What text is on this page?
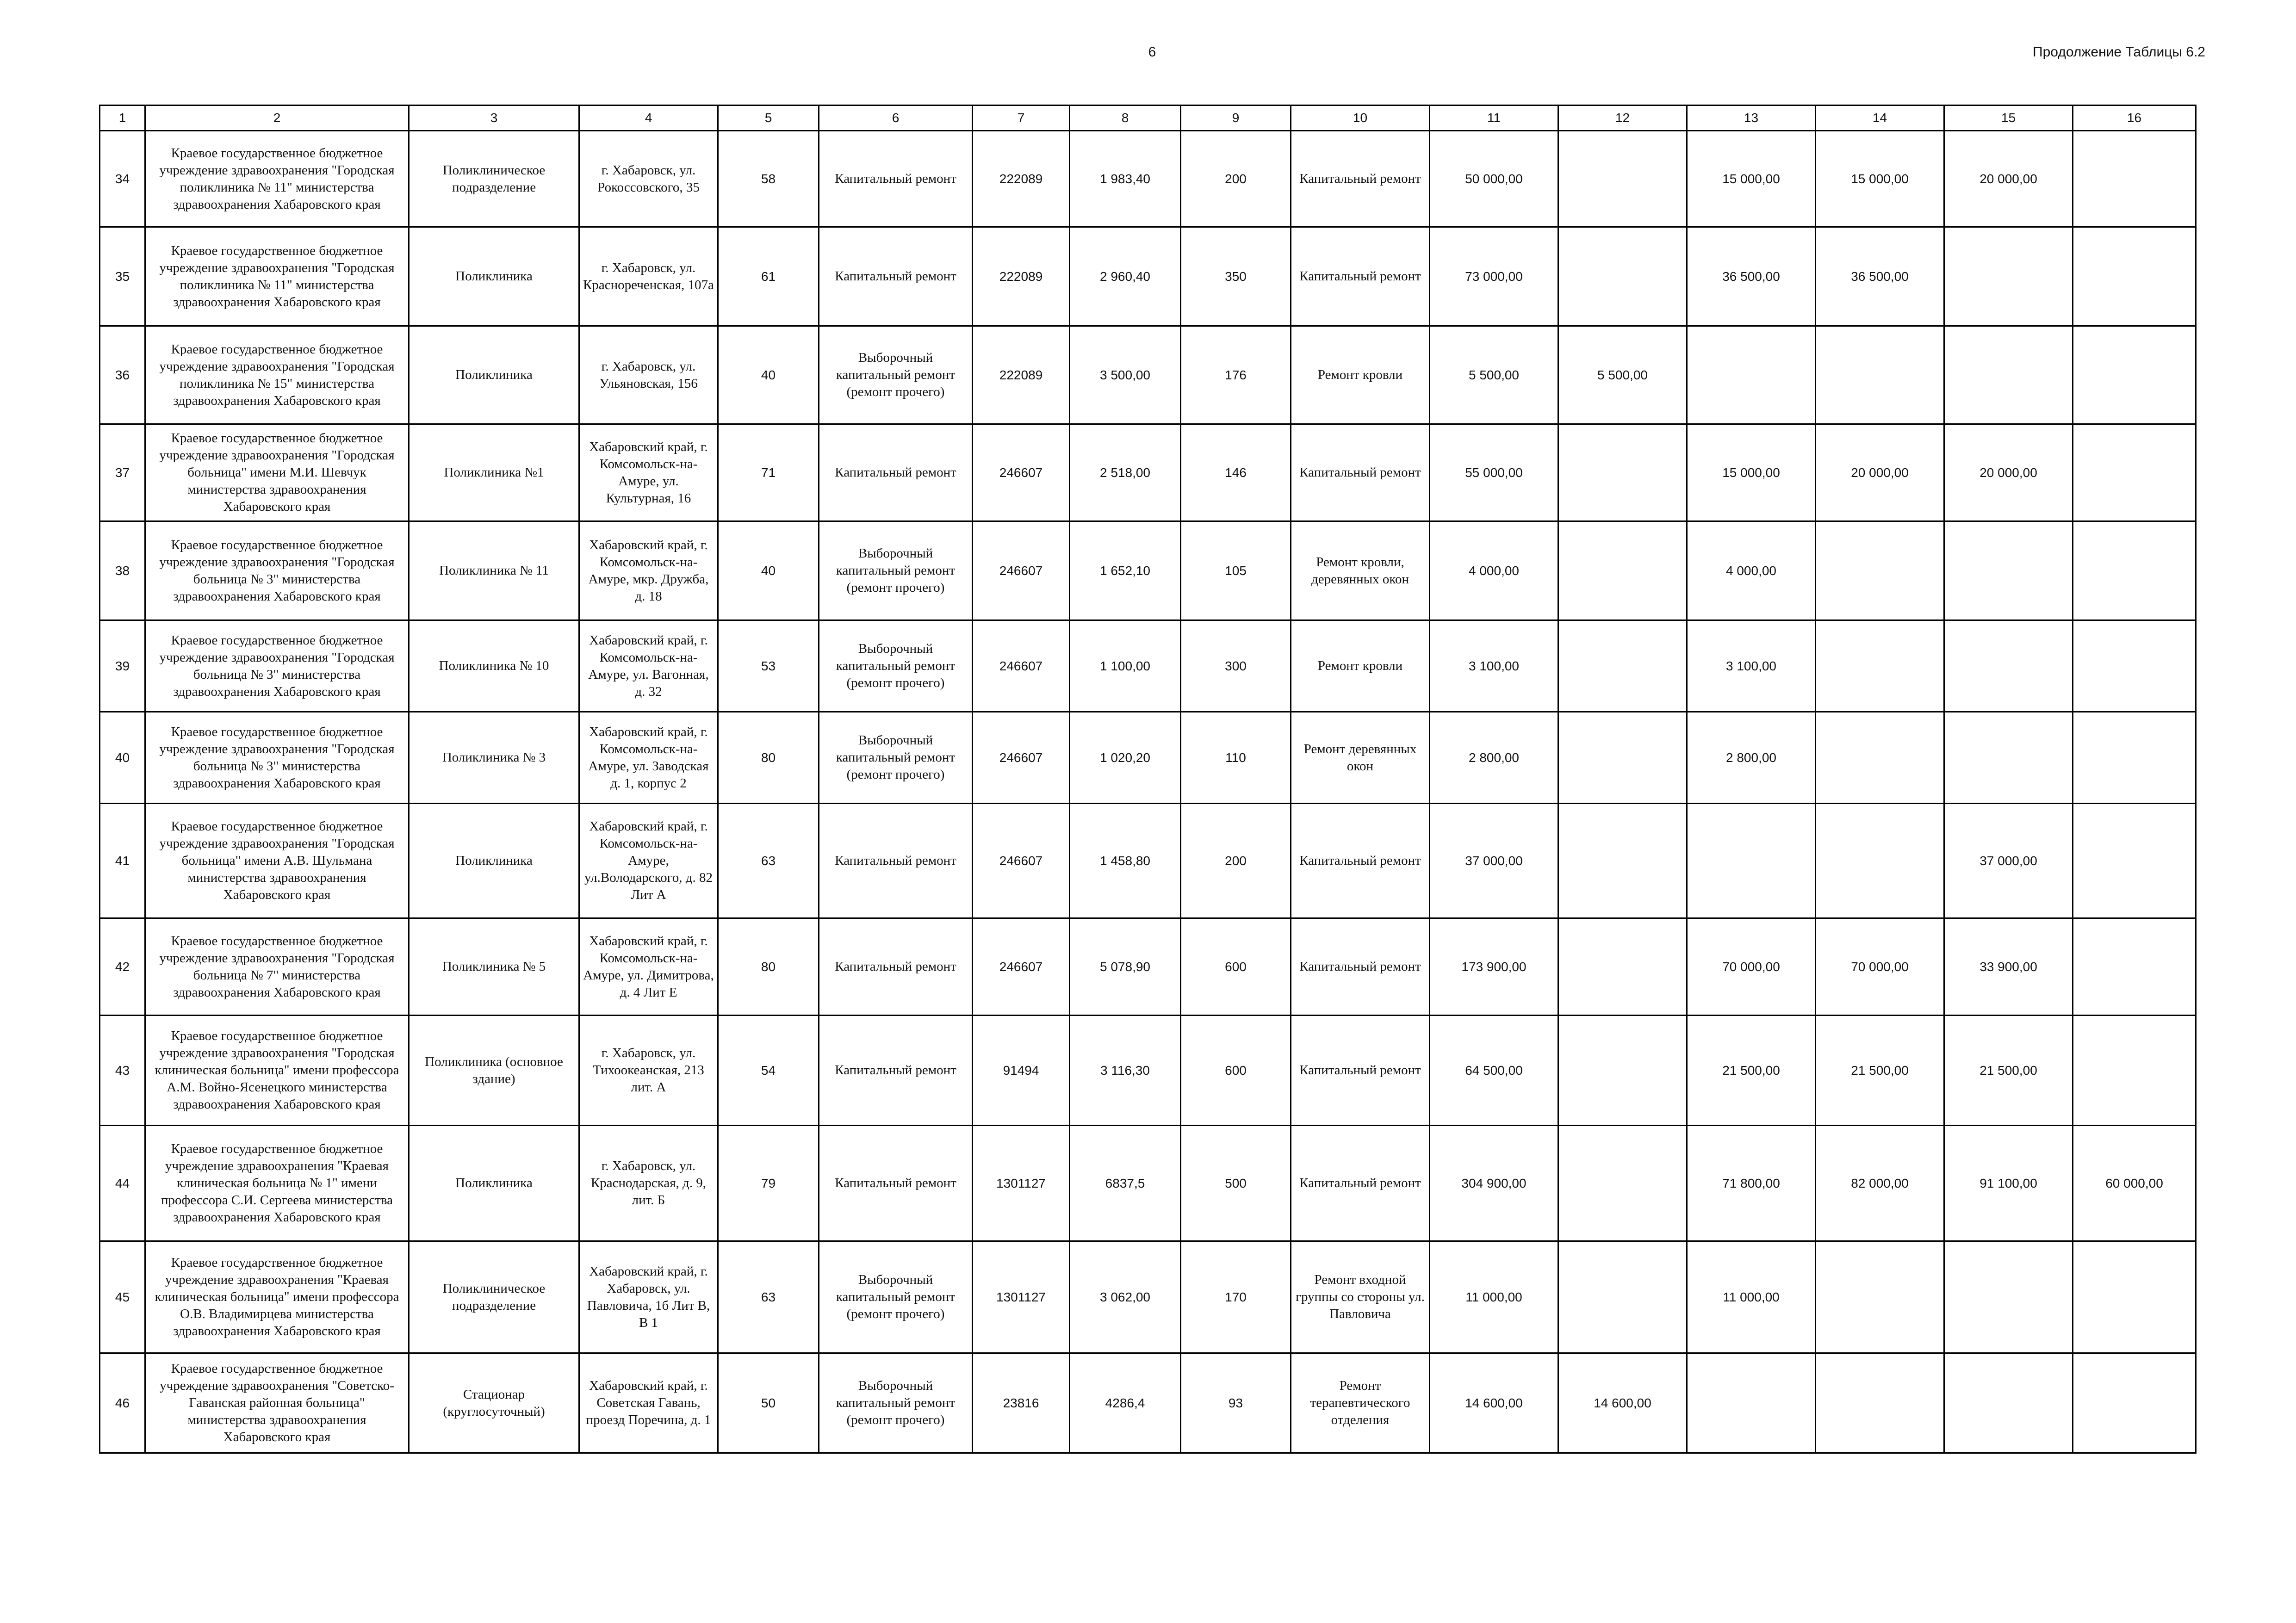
6	Продолжение Таблицы 6.2
1	2	3	4	5	6	7	8	9	10	11	12	13	14	15	16
34	Краевое государственное бюджетное учреждение здравоохранения "Городская поликлиника № 11" министерства здравоохранения Хабаровского края	Поликлиническое подразделение	г. Хабаровск, ул. Рокоссовского, 35	58	Капитальный ремонт	222089	1 983,40	200	Капитальный ремонт	50 000,00		15 000,00	15 000,00	20 000,00	
35	Краевое государственное бюджетное учреждение здравоохранения "Городская поликлиника № 11" министерства здравоохранения Хабаровского края	Поликлиника	г. Хабаровск, ул. Краснореченская, 107а	61	Капитальный ремонт	222089	2 960,40	350	Капитальный ремонт	73 000,00		36 500,00	36 500,00		
36	Краевое государственное бюджетное учреждение здравоохранения "Городская поликлиника № 15" министерства здравоохранения Хабаровского края	Поликлиника	г. Хабаровск, ул. Ульяновская, 156	40	Выборочный капитальный ремонт (ремонт прочего)	222089	3 500,00	176	Ремонт кровли	5 500,00	5 500,00				
37	Краевое государственное бюджетное учреждение здравоохранения "Городская больница" имени М.И. Шевчук министерства здравоохранения Хабаровского края	Поликлиника №1	Хабаровский край, г. Комсомольск-на-Амуре, ул. Культурная, 16	71	Капитальный ремонт	246607	2 518,00	146	Капитальный ремонт	55 000,00		15 000,00	20 000,00	20 000,00	
38	Краевое государственное бюджетное учреждение здравоохранения "Городская больница № 3" министерства здравоохранения Хабаровского края	Поликлиника № 11	Хабаровский край, г. Комсомольск-на-Амуре, мкр. Дружба, д. 18	40	Выборочный капитальный ремонт (ремонт прочего)	246607	1 652,10	105	Ремонт кровли, деревянных окон	4 000,00		4 000,00			
39	Краевое государственное бюджетное учреждение здравоохранения "Городская больница № 3" министерства здравоохранения Хабаровского края	Поликлиника № 10	Хабаровский край, г. Комсомольск-на-Амуре, ул. Вагонная, д. 32	53	Выборочный капитальный ремонт (ремонт прочего)	246607	1 100,00	300	Ремонт кровли	3 100,00		3 100,00			
40	Краевое государственное бюджетное учреждение здравоохранения "Городская больница № 3" министерства здравоохранения Хабаровского края	Поликлиника № 3	Хабаровский край, г. Комсомольск-на-Амуре, ул. Заводская д. 1, корпус 2	80	Выборочный капитальный ремонт (ремонт прочего)	246607	1 020,20	110	Ремонт деревянных окон	2 800,00		2 800,00			
41	Краевое государственное бюджетное учреждение здравоохранения "Городская больница" имени А.В. Шульмана министерства здравоохранения Хабаровского края	Поликлиника	Хабаровский край, г. Комсомольск-на-Амуре, ул.Володарского, д. 82 Лит А	63	Капитальный ремонт	246607	1 458,80	200	Капитальный ремонт	37 000,00				37 000,00	
42	Краевое государственное бюджетное учреждение здравоохранения "Городская больница № 7" министерства здравоохранения Хабаровского края	Поликлиника № 5	Хабаровский край, г. Комсомольск-на-Амуре, ул. Димитрова, д. 4 Лит Е	80	Капитальный ремонт	246607	5 078,90	600	Капитальный ремонт	173 900,00		70 000,00	70 000,00	33 900,00	
43	Краевое государственное бюджетное учреждение здравоохранения "Городская клиническая больница" имени профессора А.М. Войно-Ясенецкого министерства здравоохранения Хабаровского края	Поликлиника (основное здание)	г. Хабаровск, ул. Тихоокеанская, 213 лит. А	54	Капитальный ремонт	91494	3 116,30	600	Капитальный ремонт	64 500,00		21 500,00	21 500,00	21 500,00	
44	Краевое государственное бюджетное учреждение здравоохранения "Краевая клиническая больница № 1" имени профессора С.И. Сергеева министерства здравоохранения Хабаровского края	Поликлиника	г. Хабаровск, ул. Краснодарская, д. 9, лит. Б	79	Капитальный ремонт	1301127	6837,5	500	Капитальный ремонт	304 900,00		71 800,00	82 000,00	91 100,00	60 000,00
45	Краевое государственное бюджетное учреждение здравоохранения "Краевая клиническая больница" имени профессора О.В. Владимирцева министерства здравоохранения Хабаровского края	Поликлиническое подразделение	Хабаровский край, г. Хабаровск, ул. Павловича, 1б Лит В, В 1	63	Выборочный капитальный ремонт (ремонт прочего)	1301127	3 062,00	170	Ремонт входной группы со стороны ул. Павловича	11 000,00		11 000,00			
46	Краевое государственное бюджетное учреждение здравоохранения "Советско-Гаванская районная больница" министерства здравоохранения Хабаровского края	Стационар (круглосуточный)	Хабаровский край, г. Советская Гавань, проезд Поречина, д. 1	50	Выборочный капитальный ремонт (ремонт прочего)	23816	4286,4	93	Ремонт терапевтического отделения	14 600,00	14 600,00				
